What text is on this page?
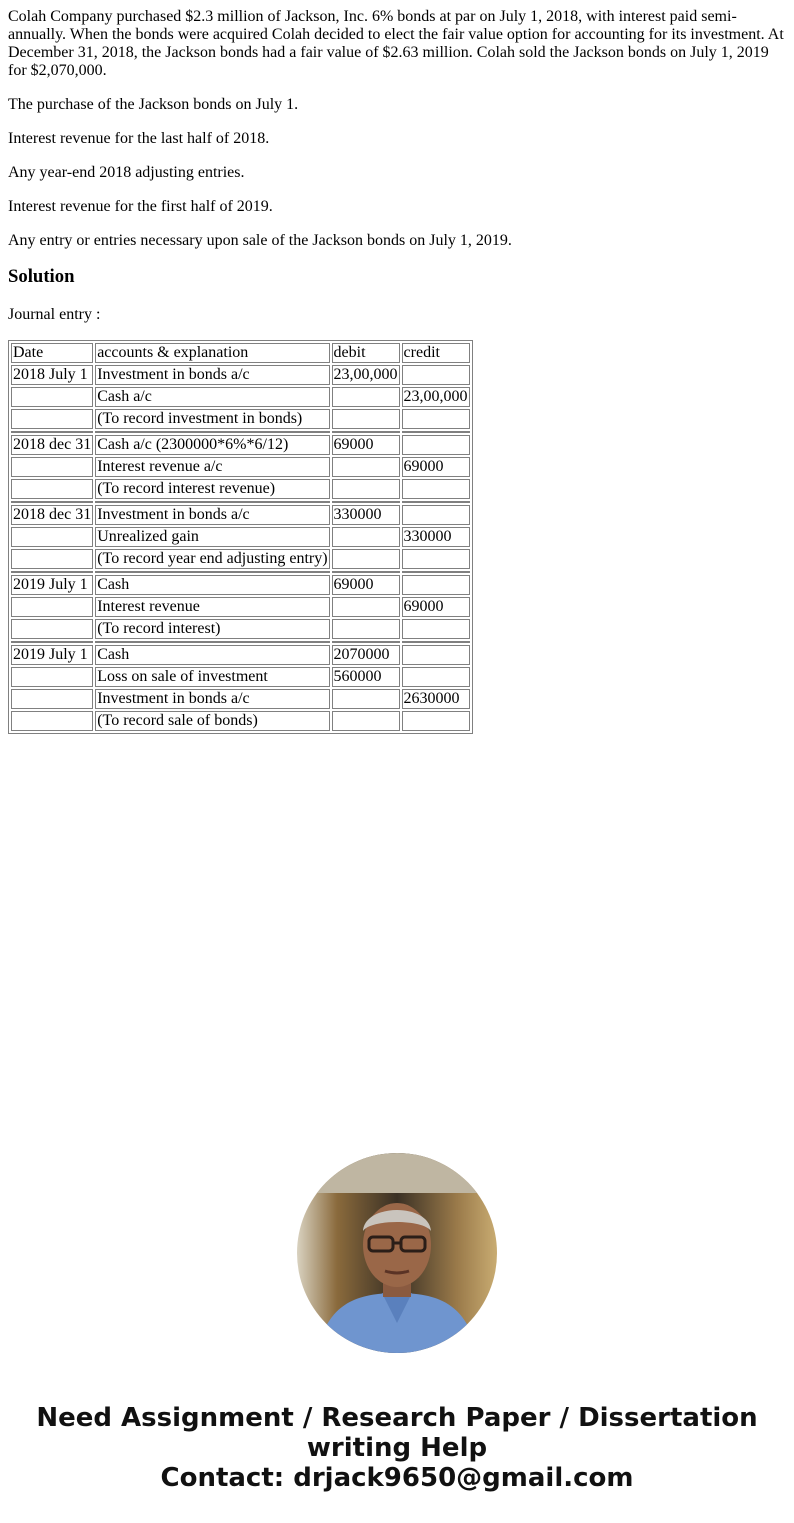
Colah Company purchased $2.3 million of Jackson, Inc. 6% bonds at par on July 1, 2018, with interest paid semi-annually. When the bonds were acquired Colah decided to elect the fair value option for accounting for its investment. At December 31, 2018, the Jackson bonds had a fair value of $2.63 million. Colah sold the Jackson bonds on July 1, 2019 for $2,070,000.

The purchase of the Jackson bonds on July 1.

Interest revenue for the last half of 2018.

Any year-end 2018 adjusting entries.

Interest revenue for the first half of 2019.

Any entry or entries necessary upon sale of the Jackson bonds on July 1, 2019.

Solution

Journal entry :

Date	accounts & explanation	debit	credit
2018 July 1	Investment in bonds a/c	23,00,000	
	Cash a/c		23,00,000
	(To record investment in bonds)		

2018 dec 31	Cash a/c (2300000*6%*6/12)	69000	
	Interest revenue a/c		69000
	(To record interest revenue)		

2018 dec 31	Investment in bonds a/c	330000	
	Unrealized gain		330000
	(To record year end adjusting entry)		

2019 July 1	Cash	69000	
	Interest revenue		69000
	(To record interest)		

2019 July 1	Cash	2070000	
	Loss on sale of investment	560000	
	Investment in bonds a/c		2630000
	(To record sale of bonds)		
Need Assignment / Research Paper / Dissertation
writing Help
Contact: drjack9650@gmail.com
